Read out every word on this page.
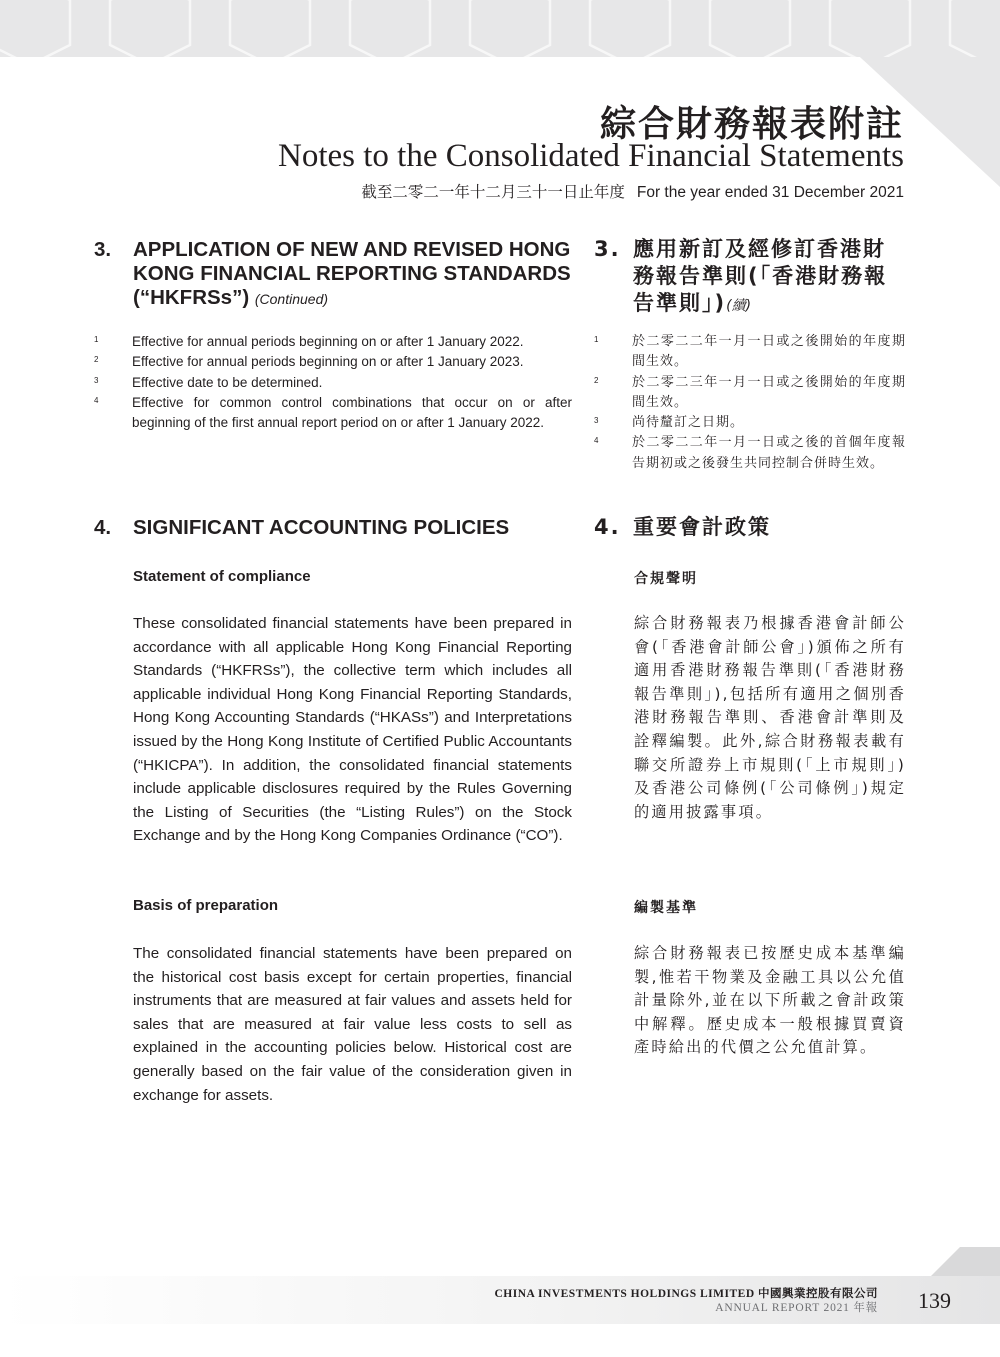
綜合財務報表附註
Notes to the Consolidated Financial Statements
截至二零二一年十二月三十一日止年度 For the year ended 31 December 2021
3.	APPLICATION OF NEW AND REVISED HONG KONG FINANCIAL REPORTING STANDARDS (“HKFRSs”) (Continued)
3. 應用新訂及經修訂香港財務報告準則(「香港財務報告準則」)(續)
1	Effective for annual periods beginning on or after 1 January 2022.
2	Effective for annual periods beginning on or after 1 January 2023.
3	Effective date to be determined.
4	Effective for common control combinations that occur on or after beginning of the first annual report period on or after 1 January 2022.
1	於二零二二年一月一日或之後開始的年度期間生效。
2	於二零二三年一月一日或之後開始的年度期間生效。
3	尚待釐訂之日期。
4	於二零二二年一月一日或之後的首個年度報告期初或之後發生共同控制合併時生效。
4.	SIGNIFICANT ACCOUNTING POLICIES	4. 重要會計政策
Statement of compliance	合規聲明
These consolidated financial statements have been prepared in accordance with all applicable Hong Kong Financial Reporting Standards (“HKFRSs”), the collective term which includes all applicable individual Hong Kong Financial Reporting Standards, Hong Kong Accounting Standards (“HKASs”) and Interpretations issued by the Hong Kong Institute of Certified Public Accountants (“HKICPA”). In addition, the consolidated financial statements include applicable disclosures required by the Rules Governing the Listing of Securities (the “Listing Rules”) on the Stock Exchange and by the Hong Kong Companies Ordinance (“CO”).
綜合財務報表乃根據香港會計師公會(「香港會計師公會」)頒佈之所有適用香港財務報告準則(「香港財務報告準則」),包括所有適用之個別香港財務報告準則、香港會計準則及詮釋編製。此外,綜合財務報表載有聯交所證券上市規則(「上市規則」)及香港公司條例(「公司條例」)規定的適用披露事項。
Basis of preparation	編製基準
The consolidated financial statements have been prepared on the historical cost basis except for certain properties, financial instruments that are measured at fair values and assets held for sales that are measured at fair value less costs to sell as explained in the accounting policies below. Historical cost are generally based on the fair value of the consideration given in exchange for assets.
綜合財務報表已按歷史成本基準編製,惟若干物業及金融工具以公允值計量除外,並在以下所載之會計政策中解釋。歷史成本一般根據買賣資產時給出的代價之公允值計算。
CHINA INVESTMENTS HOLDINGS LIMITED 中國興業控股有限公司
ANNUAL REPORT 2021 年報 139
